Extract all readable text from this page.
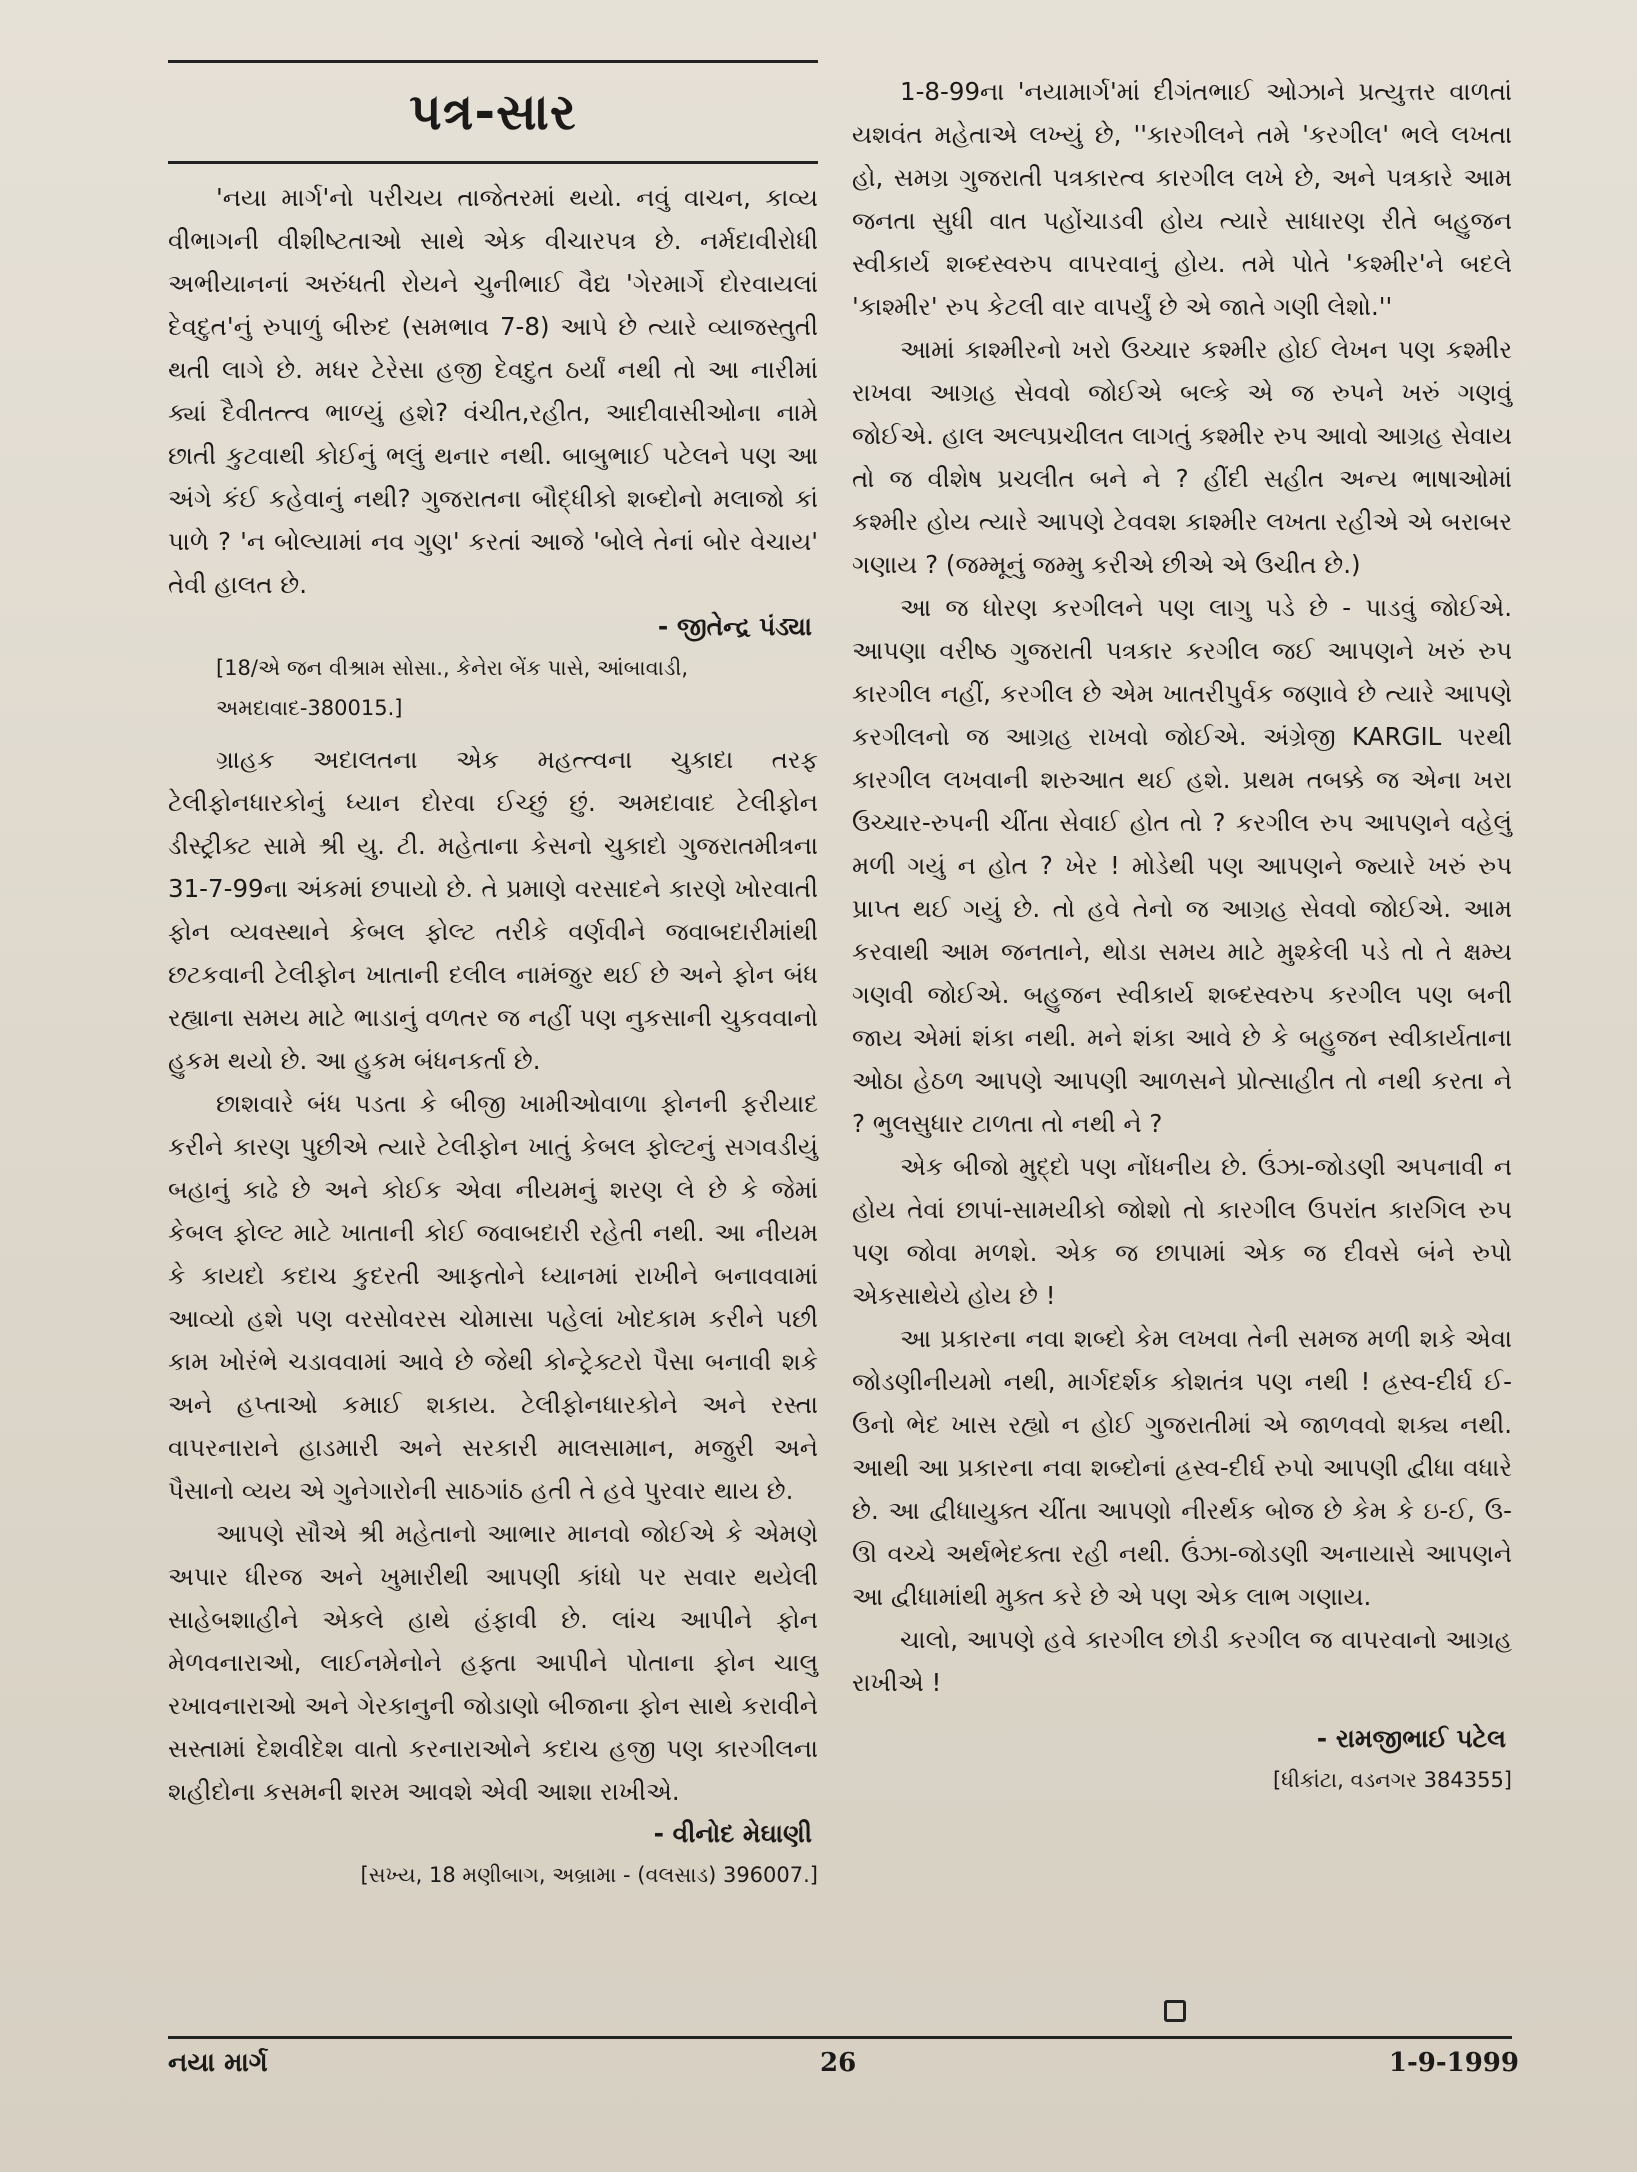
પત્ર-સાર

'નયા માર્ગ'નો પરીચય તાજેતરમાં થયો. નવું વાચન, કાવ્ય વીભાગની વીશીષ્ટતાઓ સાથે એક વીચારપત્ર છે. નર્મદાવીરોધી અભીયાનનાં અરુંધતી રોયને ચુનીભાઈ વૈદ્ય 'ગેરમાર્ગે દોરવાયલાં દેવદુત'નું રુપાળું બીરુદ (સમભાવ 7-8) આપે છે ત્યારે વ્યાજસ્તુતી થતી લાગે છે. મધર ટેરેસા હજી દેવદુત ઠર્યાં નથી તો આ નારીમાં ક્યાં દૈવીતત્ત્વ ભાળ્યું હશે? વંચીત,રહીત, આદીવાસીઓના નામે છાતી કુટવાથી કોઈનું ભલું થનાર નથી. બાબુભાઈ પટેલને પણ આ અંગે કંઈ કહેવાનું નથી? ગુજરાતના બૌદ્ધીકો શબ્દોનો મલાજો કાં પાળે ? 'ન બોલ્યામાં નવ ગુણ' કરતાં આજે 'બોલે તેનાં બોર વેચાય' તેવી હાલત છે.

- જીતેન્દ્ર પંડ્યા
[18/એ જન વીશ્રામ સોસા., કેનેરા બેંક પાસે, આંબાવાડી, અમદાવાદ-380015.]

ગ્રાહક અદાલતના એક મહત્ત્વના ચુકાદા તરફ ટેલીફોનધારકોનું ધ્યાન દોરવા ઈચ્છું છું. અમદાવાદ ટેલીફોન ડીસ્ટ્રીક્ટ સામે શ્રી યુ. ટી. મહેતાના કેસનો ચુકાદો ગુજરાતમીત્રના 31-7-99ના અંકમાં છપાયો છે. તે પ્રમાણે વરસાદને કારણે ખોરવાતી ફોન વ્યવસ્થાને કેબલ ફોલ્ટ તરીકે વર્ણવીને જવાબદારીમાંથી છટકવાની ટેલીફોન ખાતાની દલીલ નામંજુર થઈ છે અને ફોન બંધ રહ્યાના સમય માટે ભાડાનું વળતર જ નહીં પણ નુકસાની ચુકવવાનો હુકમ થયો છે. આ હુકમ બંધનકર્તા છે.

છાશવારે બંધ પડતા કે બીજી ખામીઓવાળા ફોનની ફરીયાદ કરીને કારણ પુછીએ ત્યારે ટેલીફોન ખાતું કેબલ ફોલ્ટનું સગવડીયું બહાનું કાઢે છે અને કોઈક એવા નીયમનું શરણ લે છે કે જેમાં કેબલ ફોલ્ટ માટે ખાતાની કોઈ જવાબદારી રહેતી નથી. આ નીયમ કે કાયદો કદાચ કુદરતી આફતોને ધ્યાનમાં રાખીને બનાવવામાં આવ્યો હશે પણ વરસોવરસ ચોમાસા પહેલાં ખોદકામ કરીને પછી કામ ખોરંભે ચડાવવામાં આવે છે જેથી કોન્ટ્રેક્ટરો પૈસા બનાવી શકે અને હપ્તાઓ કમાઈ શકાય. ટેલીફોનધારકોને અને રસ્તા વાપરનારાને હાડમારી અને સરકારી માલસામાન, મજુરી અને પૈસાનો વ્યય એ ગુનેગારોની સાઠગાંઠ હતી તે હવે પુરવાર થાય છે.

આપણે સૌએ શ્રી મહેતાનો આભાર માનવો જોઈએ કે એમણે અપાર ધીરજ અને ખુમારીથી આપણી કાંધો પર સવાર થયેલી સાહેબશાહીને એકલે હાથે હંફાવી છે. લાંચ આપીને ફોન મેળવનારાઓ, લાઈનમેનોને હફ્તા આપીને પોતાના ફોન ચાલુ રખાવનારાઓ અને ગેરકાનુની જોડાણો બીજાના ફોન સાથે કરાવીને સસ્તામાં દેશવીદેશ વાતો કરનારાઓને કદાચ હજી પણ કારગીલના શહીદોના કસમની શરમ આવશે એવી આશા રાખીએ.

- વીનોદ મેઘાણી
[સખ્ય, 18 મણીબાગ, અબ્રામા - (વલસાડ) 396007.]

1-8-99ના 'નયામાર્ગ'માં દીગંતભાઈ ઓઝાને પ્રત્યુત્તર વાળતાં યશવંત મહેતાએ લખ્યું છે, ''કારગીલને તમે 'કરગીલ' ભલે લખતા હો, સમગ્ર ગુજરાતી પત્રકારત્વ કારગીલ લખે છે, અને પત્રકારે આમ જનતા સુધી વાત પહોંચાડવી હોય ત્યારે સાધારણ રીતે બહુજન સ્વીકાર્ય શબ્દસ્વરુપ વાપરવાનું હોય. તમે પોતે 'કશ્મીર'ને બદલે 'કાશ્મીર' રુપ કેટલી વાર વાપર્યું છે એ જાતે ગણી લેશો.''

આમાં કાશ્મીરનો ખરો ઉચ્ચાર કશ્મીર હોઈ લેખન પણ કશ્મીર રાખવા આગ્રહ સેવવો જોઈએ બલ્કે એ જ રુપને ખરું ગણવું જોઈએ. હાલ અલ્પપ્રચીલત લાગતું કશ્મીર રુપ આવો આગ્રહ સેવાય તો જ વીશેષ પ્રચલીત બને ને ? હીંદી સહીત અન્ય ભાષાઓમાં કશ્મીર હોય ત્યારે આપણે ટેવવશ કાશ્મીર લખતા રહીએ એ બરાબર ગણાય ? (જમ્મૂનું જમ્મુ કરીએ છીએ એ ઉચીત છે.)

આ જ ધોરણ કરગીલને પણ લાગુ પડે છે - પાડવું જોઈએ. આપણા વરીષ્ઠ ગુજરાતી પત્રકાર કરગીલ જઈ આપણને ખરું રુપ કારગીલ નહીં, કરગીલ છે એમ ખાતરીપુર્વક જણાવે છે ત્યારે આપણે કરગીલનો જ આગ્રહ રાખવો જોઈએ. અંગ્રેજી KARGIL પરથી કારગીલ લખવાની શરુઆત થઈ હશે. પ્રથમ તબક્કે જ એના ખરા ઉચ્ચાર-રુપની ચીંતા સેવાઈ હોત તો ? કરગીલ રુપ આપણને વહેલું મળી ગયું ન હોત ? ખેર ! મોડેથી પણ આપણને જ્યારે ખરું રુપ પ્રાપ્ત થઈ ગયું છે. તો હવે તેનો જ આગ્રહ સેવવો જોઈએ. આમ કરવાથી આમ જનતાને, થોડા સમય માટે મુશ્કેલી પડે તો તે ક્ષમ્ય ગણવી જોઈએ. બહુજન સ્વીકાર્ય શબ્દસ્વરુપ કરગીલ પણ બની જાય એમાં શંકા નથી. મને શંકા આવે છે કે બહુજન સ્વીકાર્યતાના ઓઠા હેઠળ આપણે આપણી આળસને પ્રોત્સાહીત તો નથી કરતા ને ? ભુલસુધાર ટાળતા તો નથી ને ?

એક બીજો મુદ્દો પણ નોંધનીય છે. ઉંઝા-જોડણી અપનાવી ન હોય તેવાં છાપાં-સામયીકો જોશો તો કારગીલ ઉપરાંત કારગિલ રુપ પણ જોવા મળશે. એક જ છાપામાં એક જ દીવસે બંને રુપો એકસાથેયે હોય છે !

આ પ્રકારના નવા શબ્દો કેમ લખવા તેની સમજ મળી શકે એવા જોડણીનીયમો નથી, માર્ગદર્શક કોશતંત્ર પણ નથી ! હ્રસ્વ-દીર્ઘ ઈ-ઉનો ભેદ ખાસ રહ્યો ન હોઈ ગુજરાતીમાં એ જાળવવો શક્ય નથી. આથી આ પ્રકારના નવા શબ્દોનાં હ્રસ્વ-દીર્ઘ રુપો આપણી દ્વીધા વધારે છે. આ દ્વીધાયુક્ત ચીંતા આપણો નીરર્થક બોજ છે કેમ કે ઇ-ઈ, ઉ-ઊ વચ્ચે અર્થભેદક્તા રહી નથી. ઉંઝા-જોડણી અનાયાસે આપણને આ દ્વીધામાંથી મુક્ત કરે છે એ પણ એક લાભ ગણાય.

ચાલો, આપણે હવે કારગીલ છોડી કરગીલ જ વાપરવાનો આગ્રહ રાખીએ !

- રામજીભાઈ પટેલ
[ધીકાંટા, વડનગર 384355]
નયા માર્ગ	26	1-9-1999
